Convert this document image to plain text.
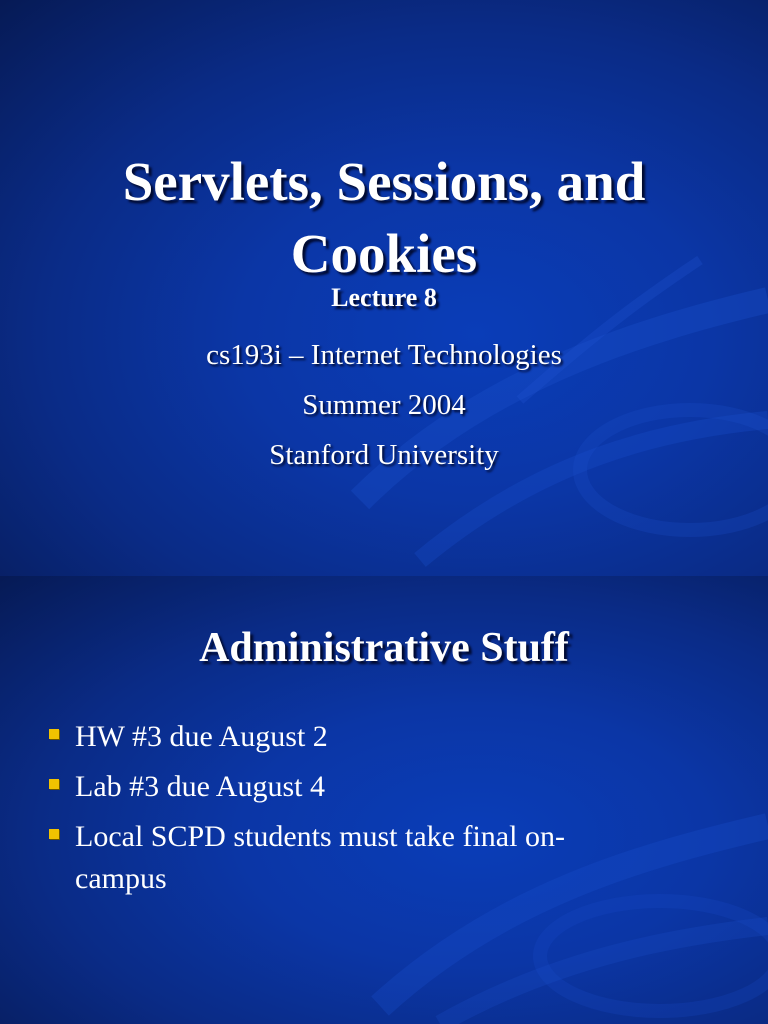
Servlets, Sessions, and
Cookies
Lecture 8
cs193i – Internet Technologies
Summer 2004
Stanford University
Administrative Stuff
HW #3 due August 2
Lab #3 due August 4
Local SCPD students must take final on-campus
